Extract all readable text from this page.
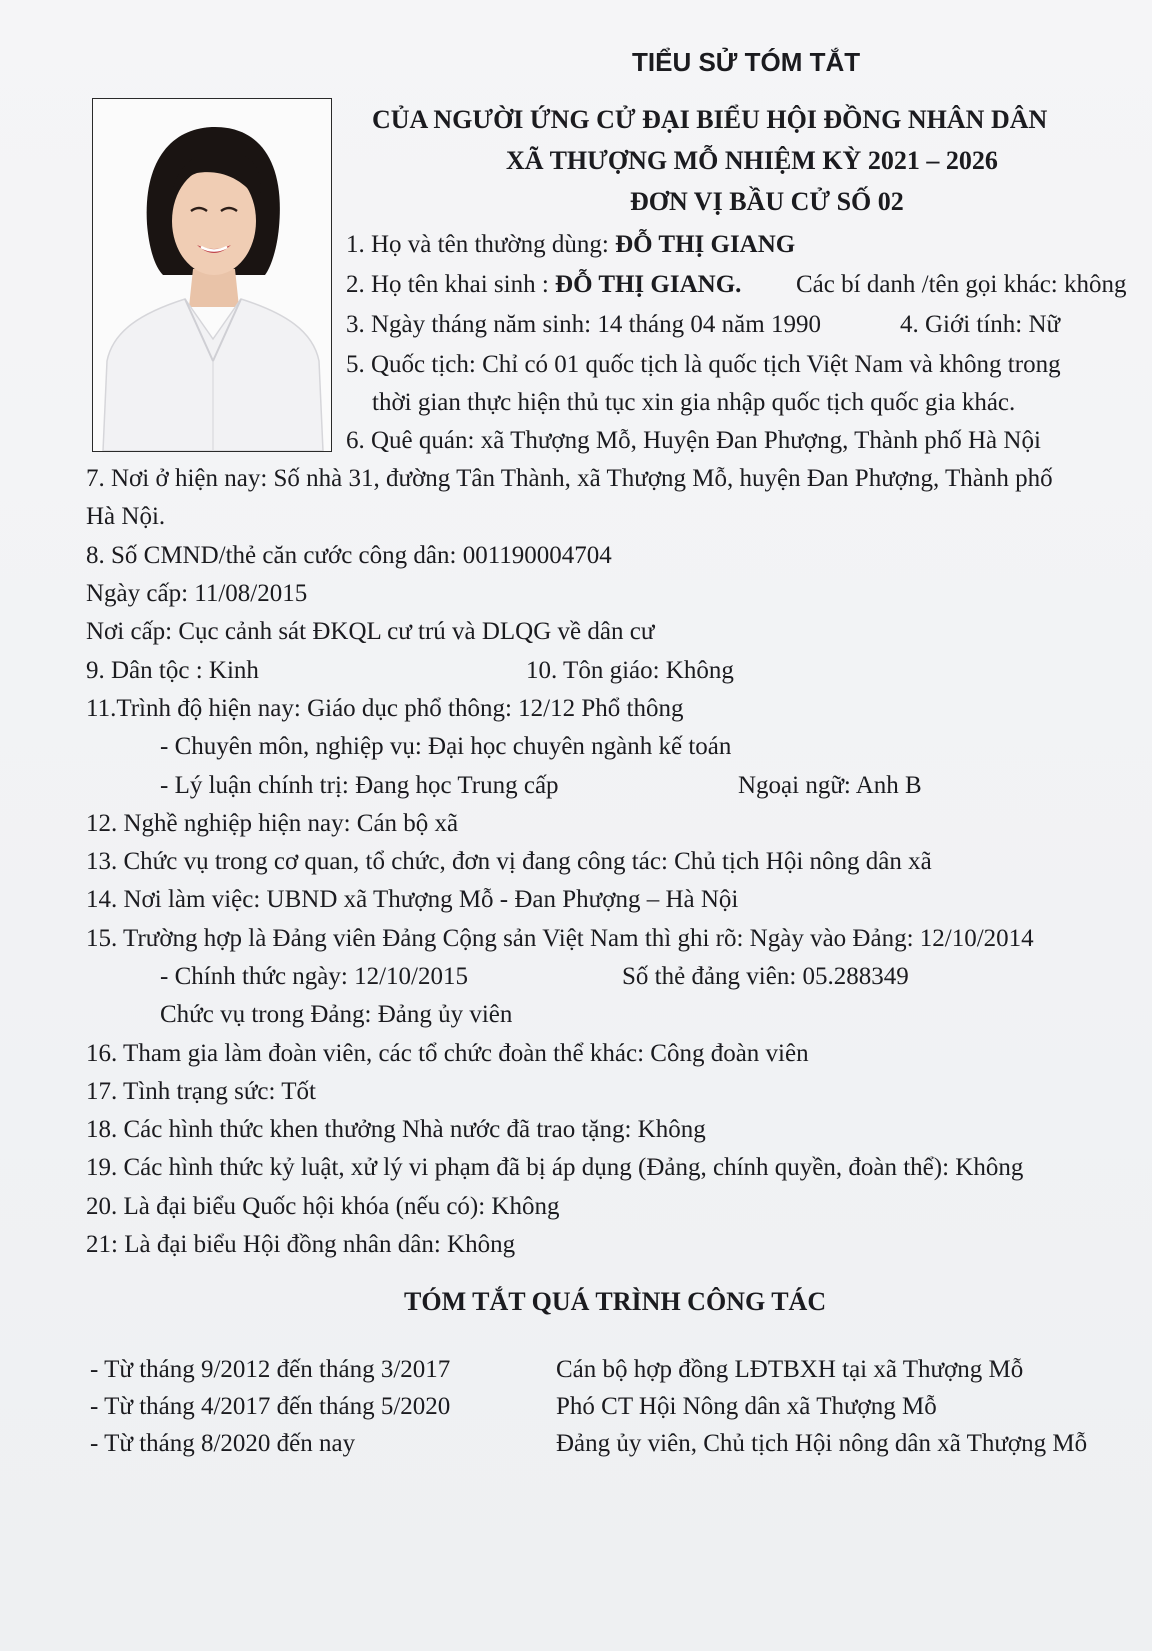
TIỂU SỬ TÓM TẮT
CỦA NGƯỜI ỨNG CỬ ĐẠI BIỂU HỘI ĐỒNG NHÂN DÂN
XÃ THƯỢNG MỖ NHIỆM KỲ 2021 – 2026
ĐƠN VỊ BẦU CỬ SỐ 02
1. Họ và tên thường dùng: ĐỖ THỊ GIANG
2. Họ tên khai sinh : ĐỖ THỊ GIANG. Các bí danh /tên gọi khác: không
3. Ngày tháng năm sinh: 14 tháng 04 năm 1990	4. Giới tính: Nữ
5. Quốc tịch: Chỉ có 01 quốc tịch là quốc tịch Việt Nam và không trong
thời gian thực hiện thủ tục xin gia nhập quốc tịch quốc gia khác.
6. Quê quán: xã Thượng Mỗ, Huyện Đan Phượng, Thành phố Hà Nội
7. Nơi ở hiện nay: Số nhà 31, đường Tân Thành, xã Thượng Mỗ, huyện Đan Phượng, Thành phố
Hà Nội.
8. Số CMND/thẻ căn cước công dân: 001190004704
Ngày cấp: 11/08/2015
Nơi cấp: Cục cảnh sát ĐKQL cư trú và DLQG về dân cư
9. Dân tộc : Kinh	10. Tôn giáo: Không
11.Trình độ hiện nay: Giáo dục phổ thông: 12/12 Phổ thông
- Chuyên môn, nghiệp vụ: Đại học chuyên ngành kế toán
- Lý luận chính trị: Đang học Trung cấp	Ngoại ngữ: Anh B
12. Nghề nghiệp hiện nay: Cán bộ xã
13. Chức vụ trong cơ quan, tổ chức, đơn vị đang công tác: Chủ tịch Hội nông dân xã
14. Nơi làm việc: UBND xã Thượng Mỗ - Đan Phượng – Hà Nội
15. Trường hợp là Đảng viên Đảng Cộng sản Việt Nam thì ghi rõ: Ngày vào Đảng: 12/10/2014
- Chính thức ngày: 12/10/2015	Số thẻ đảng viên: 05.288349
Chức vụ trong Đảng: Đảng ủy viên
16. Tham gia làm đoàn viên, các tổ chức đoàn thể khác: Công đoàn viên
17. Tình trạng sức: Tốt
18. Các hình thức khen thưởng Nhà nước đã trao tặng: Không
19. Các hình thức kỷ luật, xử lý vi phạm đã bị áp dụng (Đảng, chính quyền, đoàn thể): Không
20. Là đại biểu Quốc hội khóa (nếu có): Không
21: Là đại biểu Hội đồng nhân dân: Không
TÓM TẮT QUÁ TRÌNH CÔNG TÁC
- Từ tháng 9/2012 đến tháng 3/2017	Cán bộ hợp đồng LĐTBXH tại xã Thượng Mỗ
- Từ tháng 4/2017 đến tháng 5/2020	Phó CT Hội Nông dân xã Thượng Mỗ
- Từ tháng 8/2020 đến nay	Đảng ủy viên, Chủ tịch Hội nông dân xã Thượng Mỗ
